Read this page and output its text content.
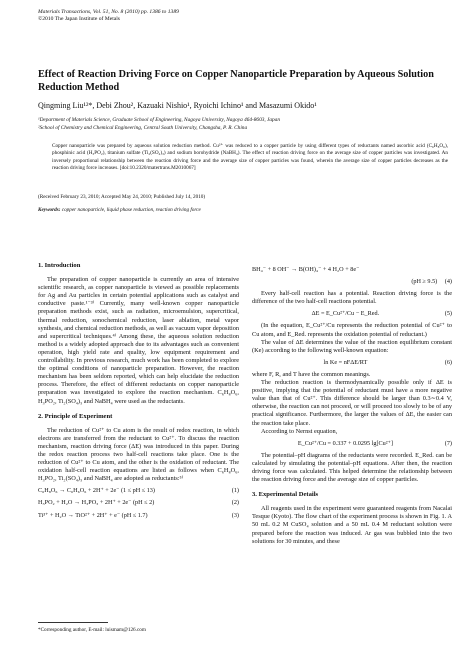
Materials Transactions, Vol. 51, No. 8 (2010) pp. 1386 to 1389
©2010 The Japan Institute of Metals
Effect of Reaction Driving Force on Copper Nanoparticle Preparation by Aqueous Solution Reduction Method
Qingming Liu¹²*, Debi Zhou², Kazuaki Nishio¹, Ryoichi Ichino¹ and Masazumi Okido¹
¹Department of Materials Science, Graduate School of Engineering, Nagoya University, Nagoya 464-8603, Japan
²School of Chemistry and Chemical Engineering, Central South University, Changsha, P. R. China
Copper nanoparticle was prepared by aqueous solution reduction method. Cu²⁺ was reduced to a copper particle by using different types of reductants named ascorbic acid (C₆H₈O₆), phosphinic acid (H₃PO₂), titanium sulfate (Ti₂(SO₄)₃) and sodium borohydride (NaBH₄). The effect of reaction driving force on the average size of copper particles was investigated. An inversely proportional relationship between the reaction driving force and the average size of copper particles was found, wherein the average size of copper particles decreases as the reaction driving force increases. [doi:10.2320/matertrans.M2010067]
(Received February 23, 2010; Accepted May 24, 2010; Published July 14, 2010)
Keywords: copper nanoparticle, liquid phase reduction, reaction driving force
1. Introduction

The preparation of copper nanoparticle is currently an area of intensive scientific research, as copper nanoparticle is viewed as possible replacements for Ag and Au particles in certain potential applications such as catalyst and conductive paste.¹⁻³⁾ Currently, many well-known copper nanoparticle preparation methods exist, such as radiation, microemulsion, supercritical, thermal reduction, sonochemical reduction, laser ablation, metal vapor synthesis, and chemical reduction methods, as well as vacuum vapor deposition and supercritical techniques.⁴⁾ Among these, the aqueous solution reduction method is a widely adopted approach due to its advantages such as convenient operation, high yield rate and quality, low equipment requirement and controllability. In previous research, much work has been completed to explore the optimal conditions of nanoparticle preparation. However, the reaction mechanism has been seldom reported, which can help elucidate the reduction process. Therefore, the effect of different reductants on copper nanoparticle preparation was investigated to explore the reaction mechanism. C₆H₈O₆, H₃PO₂, Ti₂(SO₄)₃ and NaBH₄ were used as the reductants.

2. Principle of Experiment

The reduction of Cu²⁺ to Cu atom is the result of redox reaction, in which electrons are transferred from the reductant to Cu²⁺. To discuss the reaction mechanism, reaction driving force (ΔE) was introduced in this paper. During the redox reaction process two half-cell reactions take place. One is the reduction of Cu²⁺ to Cu atom, and the other is the oxidation of reductant. The oxidation half-cell reaction equations are listed as follows when C₆H₈O₆, H₃PO₂, Ti₂(SO₄)₃ and NaBH₄ are adopted as reductants:⁵⁾

C₆H₈O₆ → C₆H₆O₆ + 2H⁺ + 2e⁻ (1 ≤ pH ≤ 13)	(1)
H₃PO₂ + H₂O → H₃PO₃ + 2H⁺ + 2e⁻ (pH ≤ 2)	(2)
Ti³⁺ + H₂O → TiO²⁺ + 2H⁺ + e⁻ (pH ≤ 1.7)	(3)
BH₄⁻ + 8 OH⁻ → B(OH)₄⁻ + 4 H₂O + 8e⁻
(pH ≥ 9.5) (4)

Every half-cell reaction has a potential. Reaction driving force is the difference of the two half-cell reactions potential.

ΔE = E_Cu²⁺/Cu − E_Red.	(5)

(In the equation, E_Cu²⁺/Cu represents the reduction potential of Cu²⁺ to Cu atom, and E_Red. represents the oxidation potential of reductant.)

The value of ΔE determines the value of the reaction equilibrium constant (Ke) according to the following well-known equation:

ln Ke = nFΔE/RT	(6)

where F, R, and T have the common meanings.

The reduction reaction is thermodynamically possible only if ΔE is positive, implying that the potential of reductant must have a more negative value than that of Cu²⁺. This difference should be larger than 0.3∼0.4 V, otherwise, the reaction can not proceed, or will proceed too slowly to be of any practical significance. Furthermore, the larger the values of ΔE, the easier can the reaction take place.

According to Nernst equation,

E_Cu²⁺/Cu = 0.337 + 0.0295 lg[Cu²⁺]	(7)

The potential–pH diagrams of the reductants were recorded. E_Red. can be calculated by simulating the potential–pH equations. After then, the reaction driving force was calculated. This helped determine the relationship between the reaction driving force and the average size of copper particles.

3. Experimental Details

All reagents used in the experiment were guaranteed reagents from Nacalai Tesque (Kyoto). The flow chart of the experiment process is shown in Fig. 1. A 50 mL 0.2 M CuSO₄ solution and a 50 mL 0.4 M reductant solution were prepared before the reaction was induced. Ar gas was bubbled into the two solutions for 30 minutes, and these

*Corresponding author, E-mail: luismam@126.com
